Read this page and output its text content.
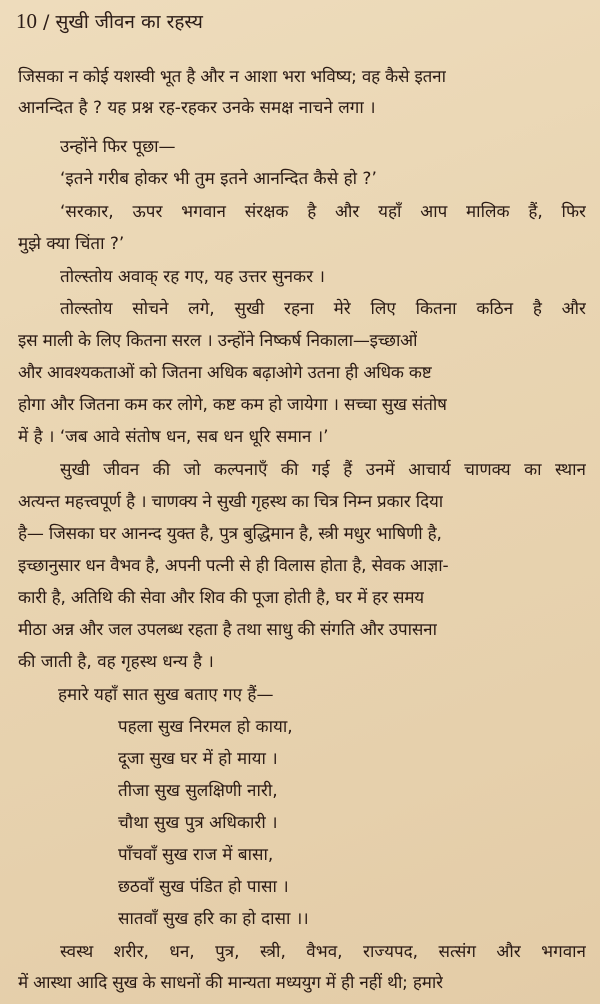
10 / सुखी जीवन का रहस्य
जिसका न कोई यशस्वी भूत है और न आशा भरा भविष्य; वह कैसे इतना
आनन्दित है ? यह प्रश्न रह-रहकर उनके समक्ष नाचने लगा ।
उन्होंने फिर पूछा—
‘इतने गरीब होकर भी तुम इतने आनन्दित कैसे हो ?’
‘सरकार, ऊपर भगवान संरक्षक है और यहाँ आप मालिक हैं, फिर
मुझे क्या चिंता ?’
तोल्स्तोय अवाक् रह गए, यह उत्तर सुनकर ।
तोल्स्तोय सोचने लगे, सुखी रहना मेरे लिए कितना कठिन है और
इस माली के लिए कितना सरल । उन्होंने निष्कर्ष निकाला—इच्छाओं
और आवश्यकताओं को जितना अधिक बढ़ाओगे उतना ही अधिक कष्ट
होगा और जितना कम कर लोगे, कष्ट कम हो जायेगा । सच्चा सुख संतोष
में है । ‘जब आवे संतोष धन, सब धन धूरि समान ।’
सुखी जीवन की जो कल्पनाएँ की गई हैं उनमें आचार्य चाणक्य का स्थान
अत्यन्त महत्त्वपूर्ण है । चाणक्य ने सुखी गृहस्थ का चित्र निम्न प्रकार दिया
है— जिसका घर आनन्द युक्त है, पुत्र बुद्धिमान है, स्त्री मधुर भाषिणी है,
इच्छानुसार धन वैभव है, अपनी पत्नी से ही विलास होता है, सेवक आज्ञा-
कारी है, अतिथि की सेवा और शिव की पूजा होती है, घर में हर समय
मीठा अन्न और जल उपलब्ध रहता है तथा साधु की संगति और उपासना
की जाती है, वह गृहस्थ धन्य है ।
हमारे यहाँ सात सुख बताए गए हैं—
पहला सुख निरमल हो काया,
दूजा सुख घर में हो माया ।
तीजा सुख सुलक्षिणी नारी,
चौथा सुख पुत्र अधिकारी ।
पाँचवाँ सुख राज में बासा,
छठवाँ सुख पंडित हो पासा ।
सातवाँ सुख हरि का हो दासा ।।
स्वस्थ शरीर, धन, पुत्र, स्त्री, वैभव, राज्यपद, सत्संग और भगवान
में आस्था आदि सुख के साधनों की मान्यता मध्ययुग में ही नहीं थी; हमारे
